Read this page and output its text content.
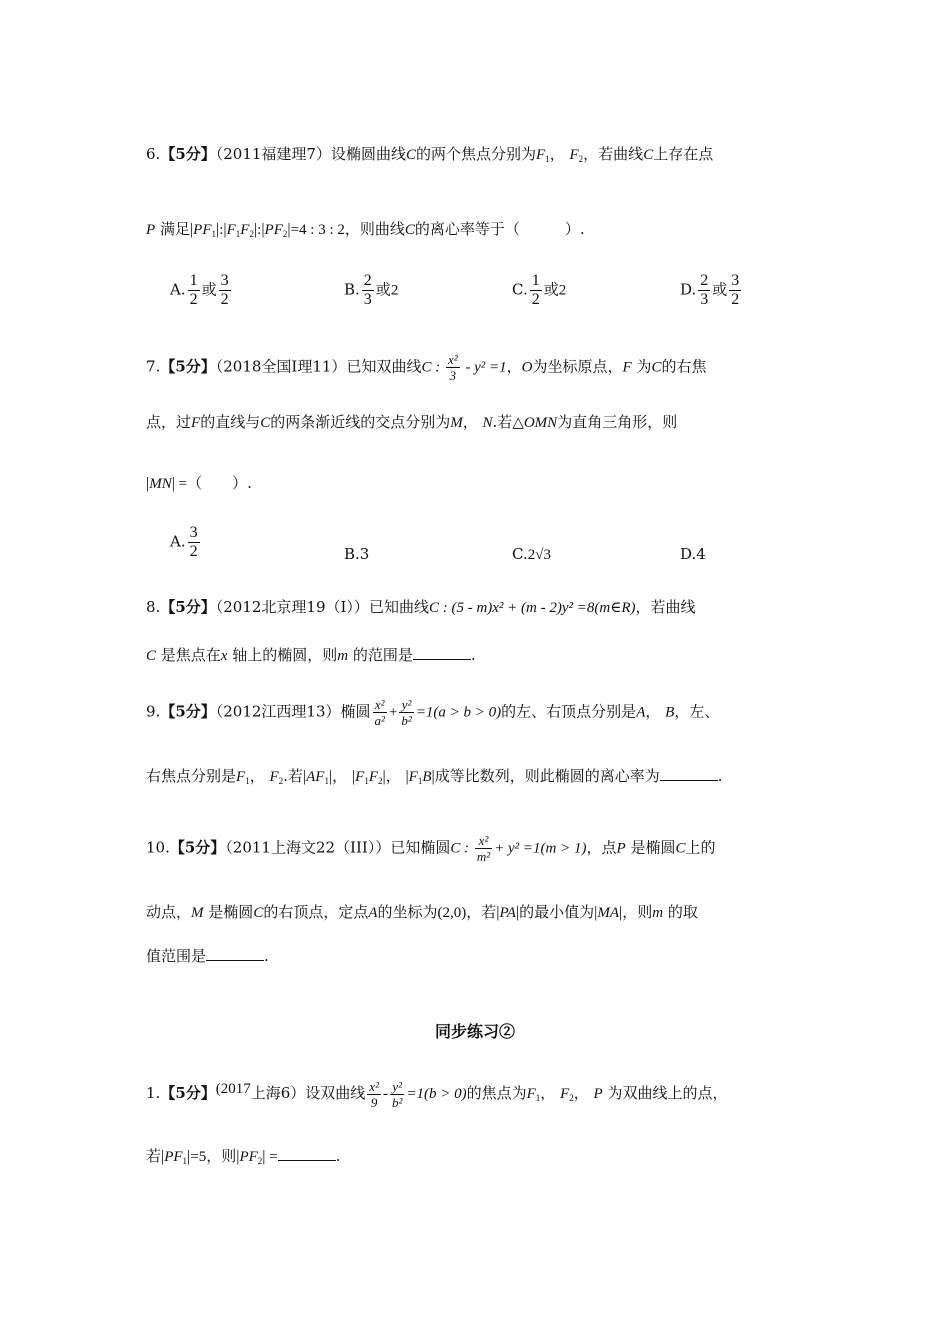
6.【5分】（2011福建理7）设椭圆曲线C的两个焦点分别为$F_1$， $F_2$，若曲线C上存在点
P 满足$|PF_1|:|F_1F_2|:|PF_2|=4$ : 3 : 2，则曲线C的离心率等于（　　　）.
A. $\frac{1}{2}$ 或 $\frac{3}{2}$	B. $\frac{2}{3}$ 或2	C. $\frac{1}{2}$ 或2	D. $\frac{2}{3}$ 或 $\frac{3}{2}$
7.【5分】（2018全国I理11）已知双曲线C : $\frac{\text{x²}}{3} - y^2 =1$，O为坐标原点，F 为C的右焦
点，过F的直线与C的两条渐近线的交点分别为M， N.若△OMN为直角三角形，则
|MN| =（　　）.
A. $\frac{3}{2}$	B.3	C.2√3	D.4
8.【5分】（2012北京理19（I））已知曲线C : (5 - m)x² + (m - 2)y² =8(m∈R)，若曲线
C 是焦点在x 轴上的椭圆，则m 的范围是	.
9.【5分】（2012江西理13）椭圆 $\frac{\text{x²}}{\text{a²}} + \frac{\text{y²}}{\text{b²}} =1(a > b > 0)$的左、右顶点分别是A， B，左、
右焦点分别是$F_1$， $F_2$.若$|AF_1|$， $|F_1F_2|$， $|F_1B|$成等比数列，则此椭圆的离心率为	.
10.【5分】（2011上海文22（III））已知椭圆C : $\frac{\text{x²}}{\text{m²}} + y^2 =1(m > 1)$，点P 是椭圆C上的
动点，M 是椭圆C的右顶点，定点A的坐标为(2,0)，若|PA|的最小值为|MA|，则m 的取
值范围是	.
同步练习②
1.【5分】(2017上海6）设双曲线 $\frac{\text{x²}}{9} - \frac{\text{y²}}{\text{b²}} =1(b > 0)$的焦点为$F_1$， $F_2$， P 为双曲线上的点，
若$|PF_1|=5$，则$|PF_2|$ =	.
